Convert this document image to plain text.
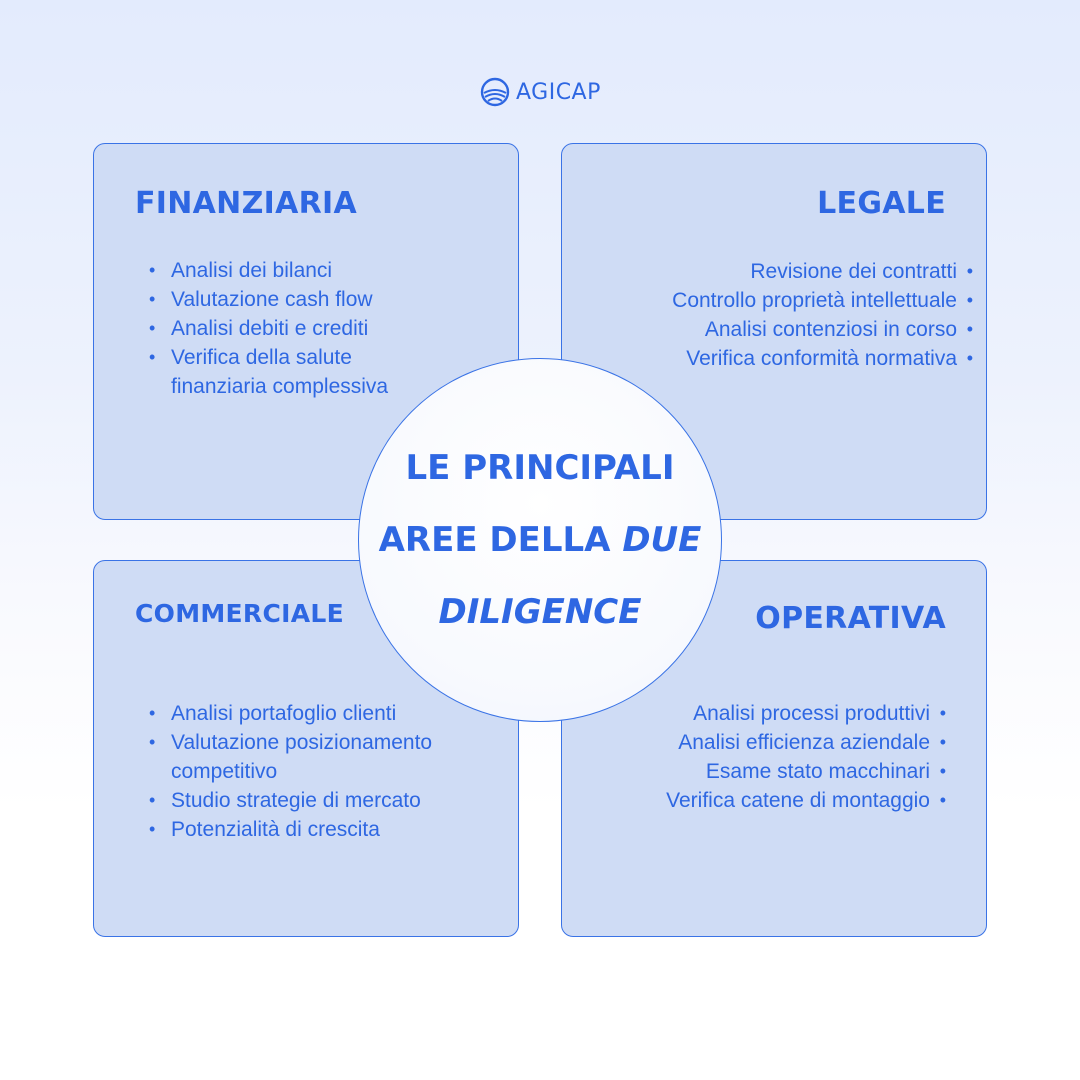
AGICAP
FINANZIARIA
• Analisi dei bilanci
• Valutazione cash flow
• Analisi debiti e crediti
• Verifica della salute finanziaria complessiva
LEGALE
Revisione dei contratti •
Controllo proprietà intellettuale •
Analisi contenziosi in corso •
Verifica conformità normativa •
COMMERCIALE
• Analisi portafoglio clienti
• Valutazione posizionamento competitivo
• Studio strategie di mercato
• Potenzialità di crescita
OPERATIVA
Analisi processi produttivi •
Analisi efficienza aziendale •
Esame stato macchinari •
Verifica catene di montaggio •
LE PRINCIPALI
AREE DELLA DUE
DILIGENCE
